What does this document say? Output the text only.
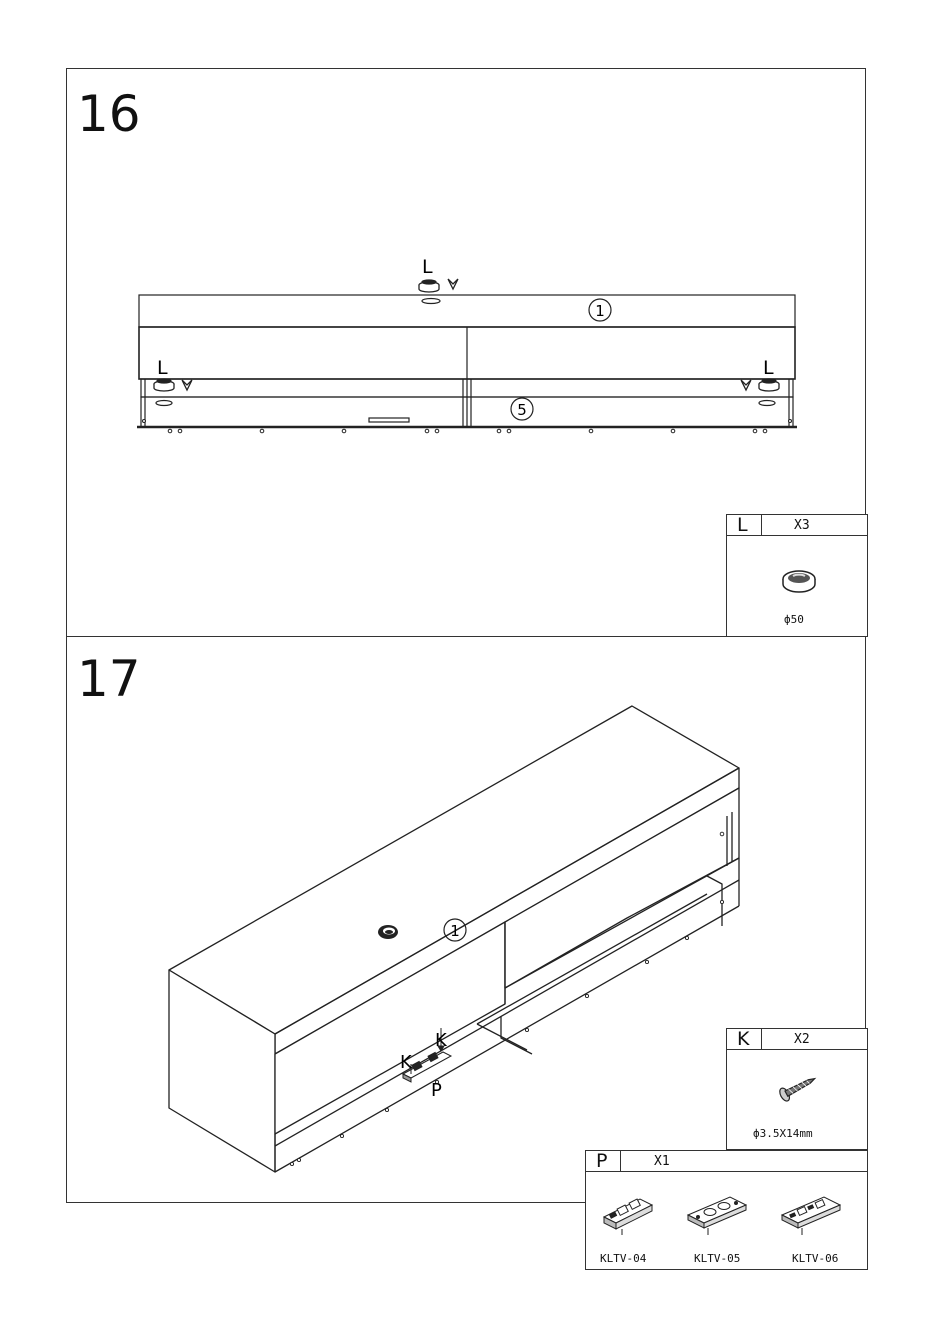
16
L
L	L
1
5
L	X3
ф50
17
1
K
K
P
K	X2
ф3.5X14mm
P	X1
KLTV-04	KLTV-05	KLTV-06
